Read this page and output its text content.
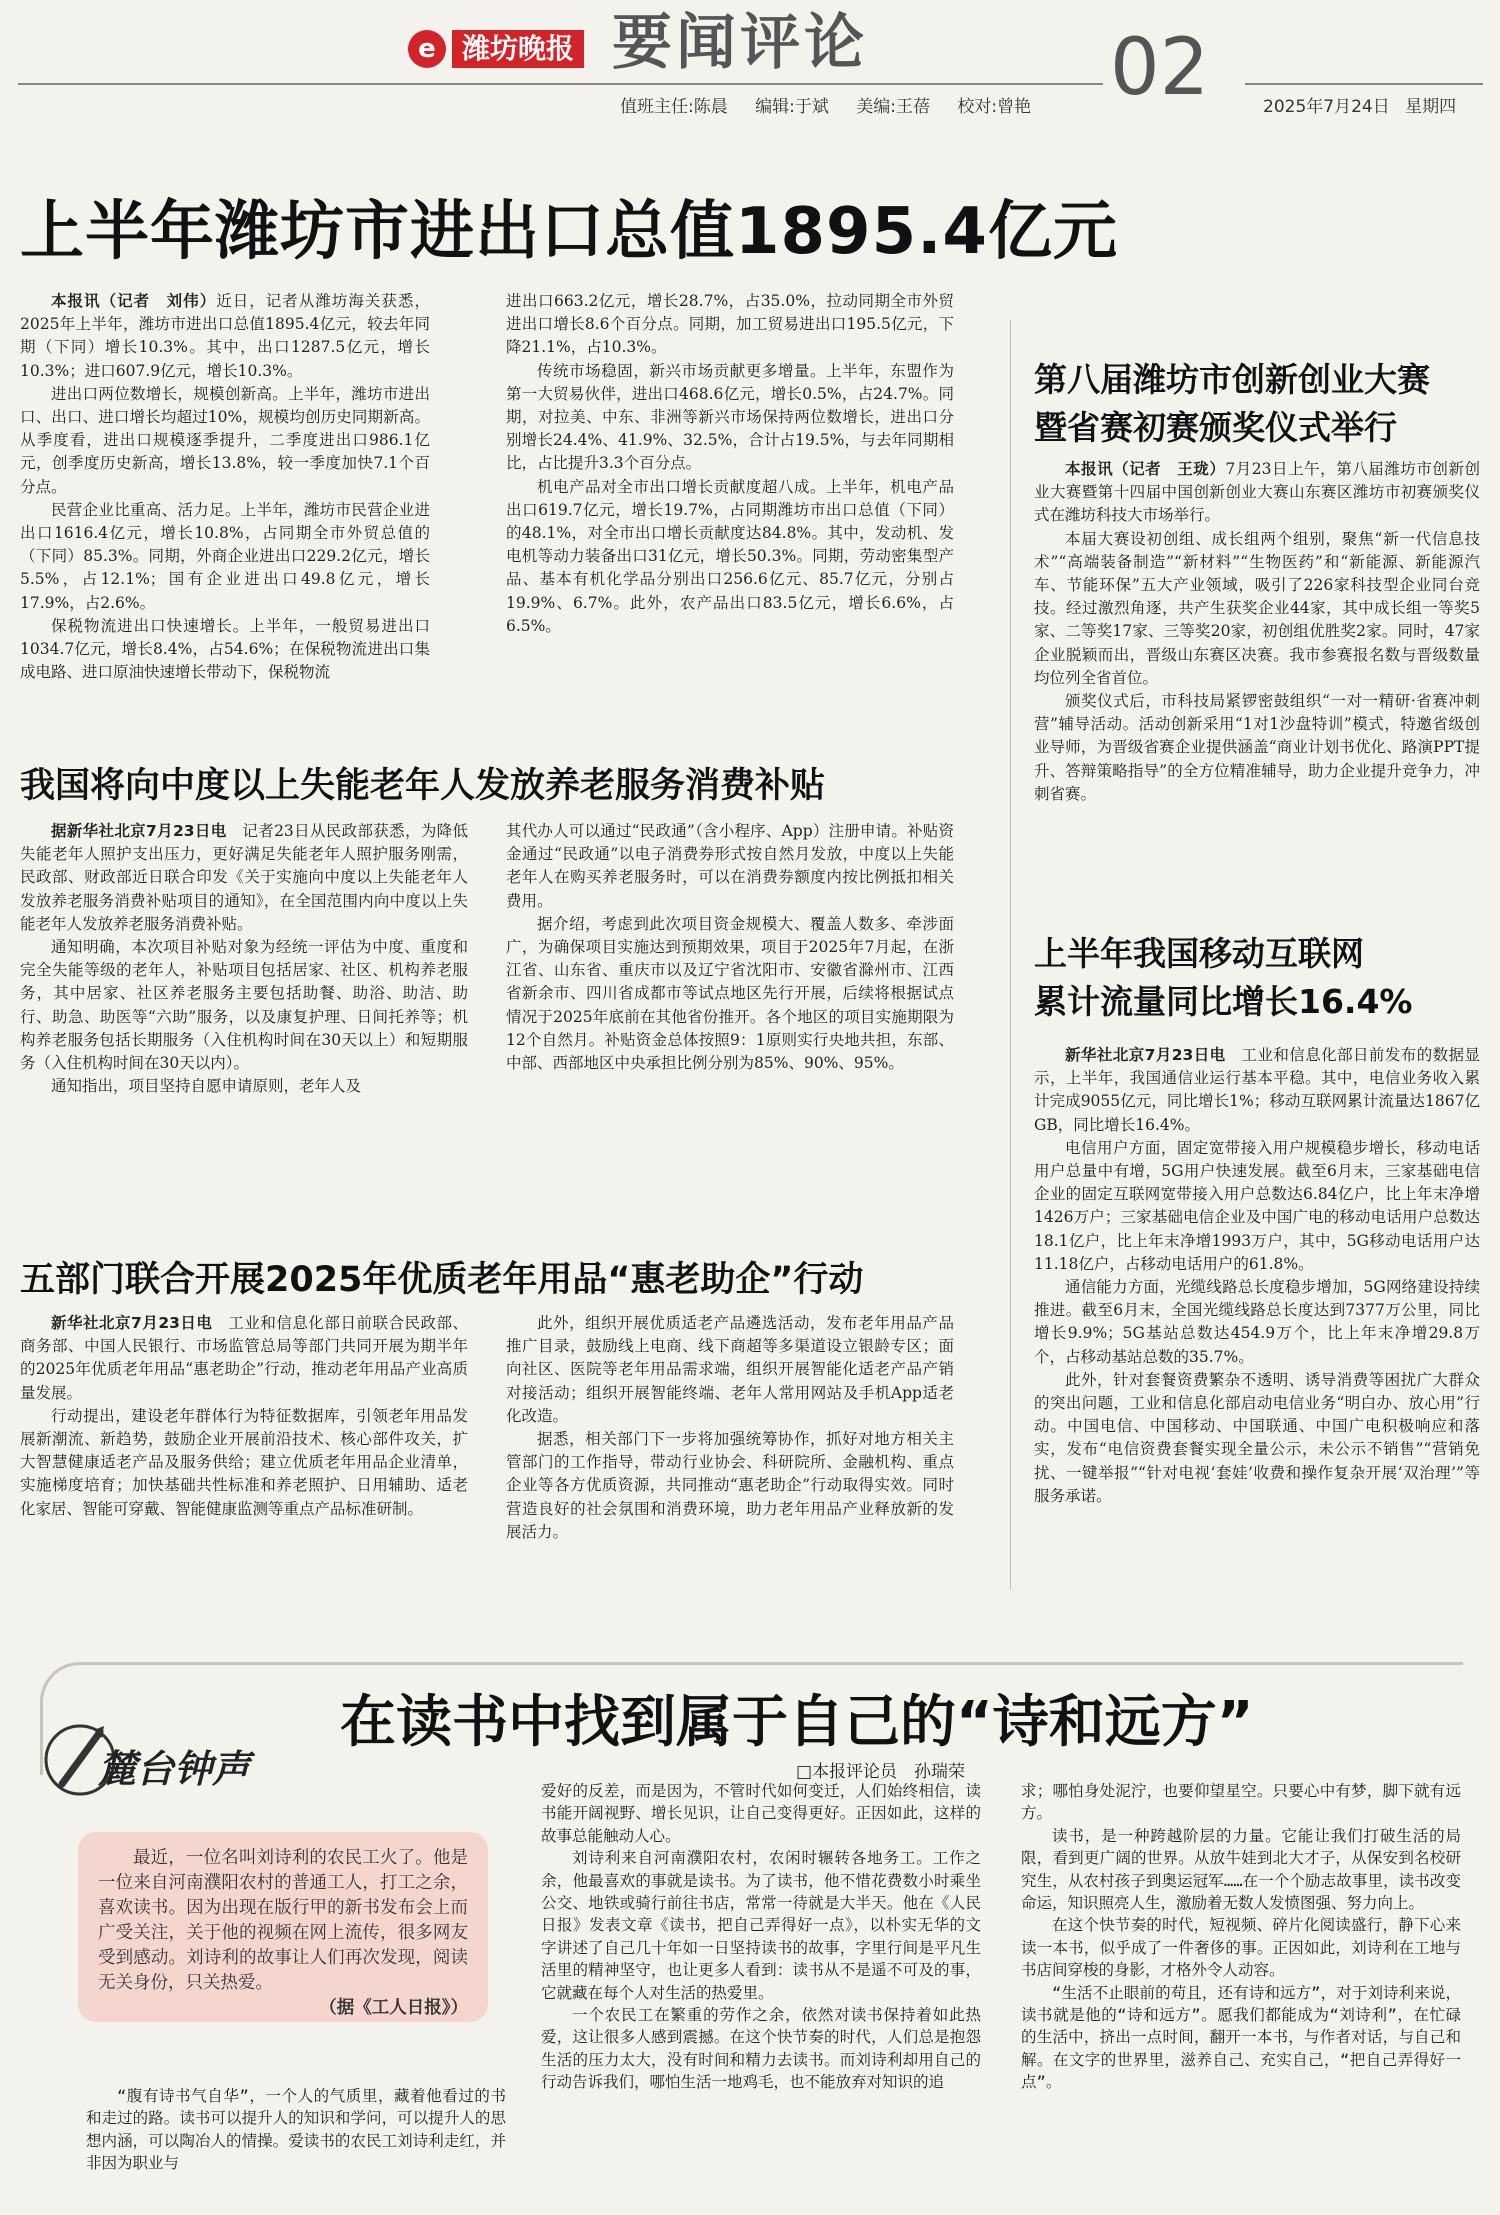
e 潍坊晚报 要闻评论	02
值班主任:陈晨 编辑:于斌 美编:王蓓 校对:曾艳	2025年7月24日 星期四
上半年潍坊市进出口总值1895.4亿元

本报讯（记者　刘伟）近日，记者从潍坊海关获悉，2025年上半年，潍坊市进出口总值1895.4亿元，较去年同期（下同）增长10.3%。其中，出口1287.5亿元，增长10.3%；进口607.9亿元，增长10.3%。

进出口两位数增长，规模创新高。上半年，潍坊市进出口、出口、进口增长均超过10%，规模均创历史同期新高。从季度看，进出口规模逐季提升，二季度进出口986.1亿元，创季度历史新高，增长13.8%，较一季度加快7.1个百分点。

民营企业比重高、活力足。上半年，潍坊市民营企业进出口1616.4亿元，增长10.8%，占同期全市外贸总值的（下同）85.3%。同期，外商企业进出口229.2亿元，增长5.5%，占12.1%；国有企业进出口49.8亿元，增长17.9%，占2.6%。

保税物流进出口快速增长。上半年，一般贸易进出口1034.7亿元，增长8.4%，占54.6%；在保税物流进出口集成电路、进口原油快速增长带动下，保税物流

进出口663.2亿元，增长28.7%，占35.0%，拉动同期全市外贸进出口增长8.6个百分点。同期，加工贸易进出口195.5亿元，下降21.1%，占10.3%。

传统市场稳固，新兴市场贡献更多增量。上半年，东盟作为第一大贸易伙伴，进出口468.6亿元，增长0.5%，占24.7%。同期，对拉美、中东、非洲等新兴市场保持两位数增长，进出口分别增长24.4%、41.9%、32.5%，合计占19.5%，与去年同期相比，占比提升3.3个百分点。

机电产品对全市出口增长贡献度超八成。上半年，机电产品出口619.7亿元，增长19.7%，占同期潍坊市出口总值（下同）的48.1%，对全市出口增长贡献度达84.8%。其中，发动机、发电机等动力装备出口31亿元，增长50.3%。同期，劳动密集型产品、基本有机化学品分别出口256.6亿元、85.7亿元，分别占19.9%、6.7%。此外，农产品出口83.5亿元，增长6.6%，占6.5%。

我国将向中度以上失能老年人发放养老服务消费补贴

据新华社北京7月23日电　记者23日从民政部获悉，为降低失能老年人照护支出压力，更好满足失能老年人照护服务刚需，民政部、财政部近日联合印发《关于实施向中度以上失能老年人发放养老服务消费补贴项目的通知》，在全国范围内向中度以上失能老年人发放养老服务消费补贴。

通知明确，本次项目补贴对象为经统一评估为中度、重度和完全失能等级的老年人，补贴项目包括居家、社区、机构养老服务，其中居家、社区养老服务主要包括助餐、助浴、助洁、助行、助急、助医等“六助”服务，以及康复护理、日间托养等；机构养老服务包括长期服务（入住机构时间在30天以上）和短期服务（入住机构时间在30天以内）。

通知指出，项目坚持自愿申请原则，老年人及

其代办人可以通过“民政通”（含小程序、App）注册申请。补贴资金通过“民政通”以电子消费券形式按自然月发放，中度以上失能老年人在购买养老服务时，可以在消费券额度内按比例抵扣相关费用。

据介绍，考虑到此次项目资金规模大、覆盖人数多、牵涉面广，为确保项目实施达到预期效果，项目于2025年7月起，在浙江省、山东省、重庆市以及辽宁省沈阳市、安徽省滁州市、江西省新余市、四川省成都市等试点地区先行开展，后续将根据试点情况于2025年底前在其他省份推开。各个地区的项目实施期限为12个自然月。补贴资金总体按照9：1原则实行央地共担，东部、中部、西部地区中央承担比例分别为85%、90%、95%。

五部门联合开展2025年优质老年用品“惠老助企”行动

新华社北京7月23日电　工业和信息化部日前联合民政部、商务部、中国人民银行、市场监管总局等部门共同开展为期半年的2025年优质老年用品“惠老助企”行动，推动老年用品产业高质量发展。

行动提出，建设老年群体行为特征数据库，引领老年用品发展新潮流、新趋势，鼓励企业开展前沿技术、核心部件攻关，扩大智慧健康适老产品及服务供给；建立优质老年用品企业清单，实施梯度培育；加快基础共性标准和养老照护、日用辅助、适老化家居、智能可穿戴、智能健康监测等重点产品标准研制。

此外，组织开展优质适老产品遴选活动，发布老年用品产品推广目录，鼓励线上电商、线下商超等多渠道设立银龄专区；面向社区、医院等老年用品需求端，组织开展智能化适老产品产销对接活动；组织开展智能终端、老年人常用网站及手机App适老化改造。

据悉，相关部门下一步将加强统筹协作，抓好对地方相关主管部门的工作指导，带动行业协会、科研院所、金融机构、重点企业等各方优质资源，共同推动“惠老助企”行动取得实效。同时营造良好的社会氛围和消费环境，助力老年用品产业释放新的发展活力。

第八届潍坊市创新创业大赛
暨省赛初赛颁奖仪式举行

本报讯（记者　王珑）7月23日上午，第八届潍坊市创新创业大赛暨第十四届中国创新创业大赛山东赛区潍坊市初赛颁奖仪式在潍坊科技大市场举行。

本届大赛设初创组、成长组两个组别，聚焦“新一代信息技术”“高端装备制造”“新材料”“生物医药”和“新能源、新能源汽车、节能环保”五大产业领域，吸引了226家科技型企业同台竞技。经过激烈角逐，共产生获奖企业44家，其中成长组一等奖5家、二等奖17家、三等奖20家，初创组优胜奖2家。同时，47家企业脱颖而出，晋级山东赛区决赛。我市参赛报名数与晋级数量均位列全省首位。

颁奖仪式后，市科技局紧锣密鼓组织“一对一精研·省赛冲刺营”辅导活动。活动创新采用“1对1沙盘特训”模式，特邀省级创业导师，为晋级省赛企业提供涵盖“商业计划书优化、路演PPT提升、答辩策略指导”的全方位精准辅导，助力企业提升竞争力，冲刺省赛。

上半年我国移动互联网
累计流量同比增长16.4%

新华社北京7月23日电　工业和信息化部日前发布的数据显示，上半年，我国通信业运行基本平稳。其中，电信业务收入累计完成9055亿元，同比增长1%；移动互联网累计流量达1867亿GB，同比增长16.4%。

电信用户方面，固定宽带接入用户规模稳步增长，移动电话用户总量中有增，5G用户快速发展。截至6月末，三家基础电信企业的固定互联网宽带接入用户总数达6.84亿户，比上年末净增1426万户；三家基础电信企业及中国广电的移动电话用户总数达18.1亿户，比上年末净增1993万户，其中，5G移动电话用户达11.18亿户，占移动电话用户的61.8%。

通信能力方面，光缆线路总长度稳步增加，5G网络建设持续推进。截至6月末，全国光缆线路总长度达到7377万公里，同比增长9.9%；5G基站总数达454.9万个，比上年末净增29.8万个，占移动基站总数的35.7%。

此外，针对套餐资费繁杂不透明、诱导消费等困扰广大群众的突出问题，工业和信息化部启动电信业务“明白办、放心用”行动。中国电信、中国移动、中国联通、中国广电积极响应和落实，发布“电信资费套餐实现全量公示，未公示不销售”“营销免扰、一键举报”“针对电视‘套娃’收费和操作复杂开展‘双治理’”等服务承诺。

麓台钟声
在读书中找到属于自己的“诗和远方”
□本报评论员　孙瑞荣

最近，一位名叫刘诗利的农民工火了。他是一位来自河南濮阳农村的普通工人，打工之余，喜欢读书。因为出现在版行甲的新书发布会上而广受关注，关于他的视频在网上流传，很多网友受到感动。刘诗利的故事让人们再次发现，阅读无关身份，只关热爱。

（据《工人日报》）

“腹有诗书气自华”，一个人的气质里，藏着他看过的书和走过的路。读书可以提升人的知识和学问，可以提升人的思想内涵，可以陶冶人的情操。爱读书的农民工刘诗利走红，并非因为职业与

爱好的反差，而是因为，不管时代如何变迁，人们始终相信，读书能开阔视野、增长见识，让自己变得更好。正因如此，这样的故事总能触动人心。

刘诗利来自河南濮阳农村，农闲时辗转各地务工。工作之余，他最喜欢的事就是读书。为了读书，他不惜花费数小时乘坐公交、地铁或骑行前往书店，常常一待就是大半天。他在《人民日报》发表文章《读书，把自己弄得好一点》，以朴实无华的文字讲述了自己几十年如一日坚持读书的故事，字里行间是平凡生活里的精神坚守，也让更多人看到：读书从不是遥不可及的事，它就藏在每个人对生活的热爱里。

一个农民工在繁重的劳作之余，依然对读书保持着如此热爱，这让很多人感到震撼。在这个快节奏的时代，人们总是抱怨生活的压力太大，没有时间和精力去读书。而刘诗利却用自己的行动告诉我们，哪怕生活一地鸡毛，也不能放弃对知识的追

求；哪怕身处泥泞，也要仰望星空。只要心中有梦，脚下就有远方。

读书，是一种跨越阶层的力量。它能让我们打破生活的局限，看到更广阔的世界。从放牛娃到北大才子，从保安到名校研究生，从农村孩子到奥运冠军……在一个个励志故事里，读书改变命运，知识照亮人生，激励着无数人发愤图强、努力向上。

在这个快节奏的时代，短视频、碎片化阅读盛行，静下心来读一本书，似乎成了一件奢侈的事。正因如此，刘诗利在工地与书店间穿梭的身影，才格外令人动容。

“生活不止眼前的苟且，还有诗和远方”，对于刘诗利来说，读书就是他的“诗和远方”。愿我们都能成为“刘诗利”，在忙碌的生活中，挤出一点时间，翻开一本书，与作者对话，与自己和解。在文字的世界里，滋养自己、充实自己，“把自己弄得好一点”。
